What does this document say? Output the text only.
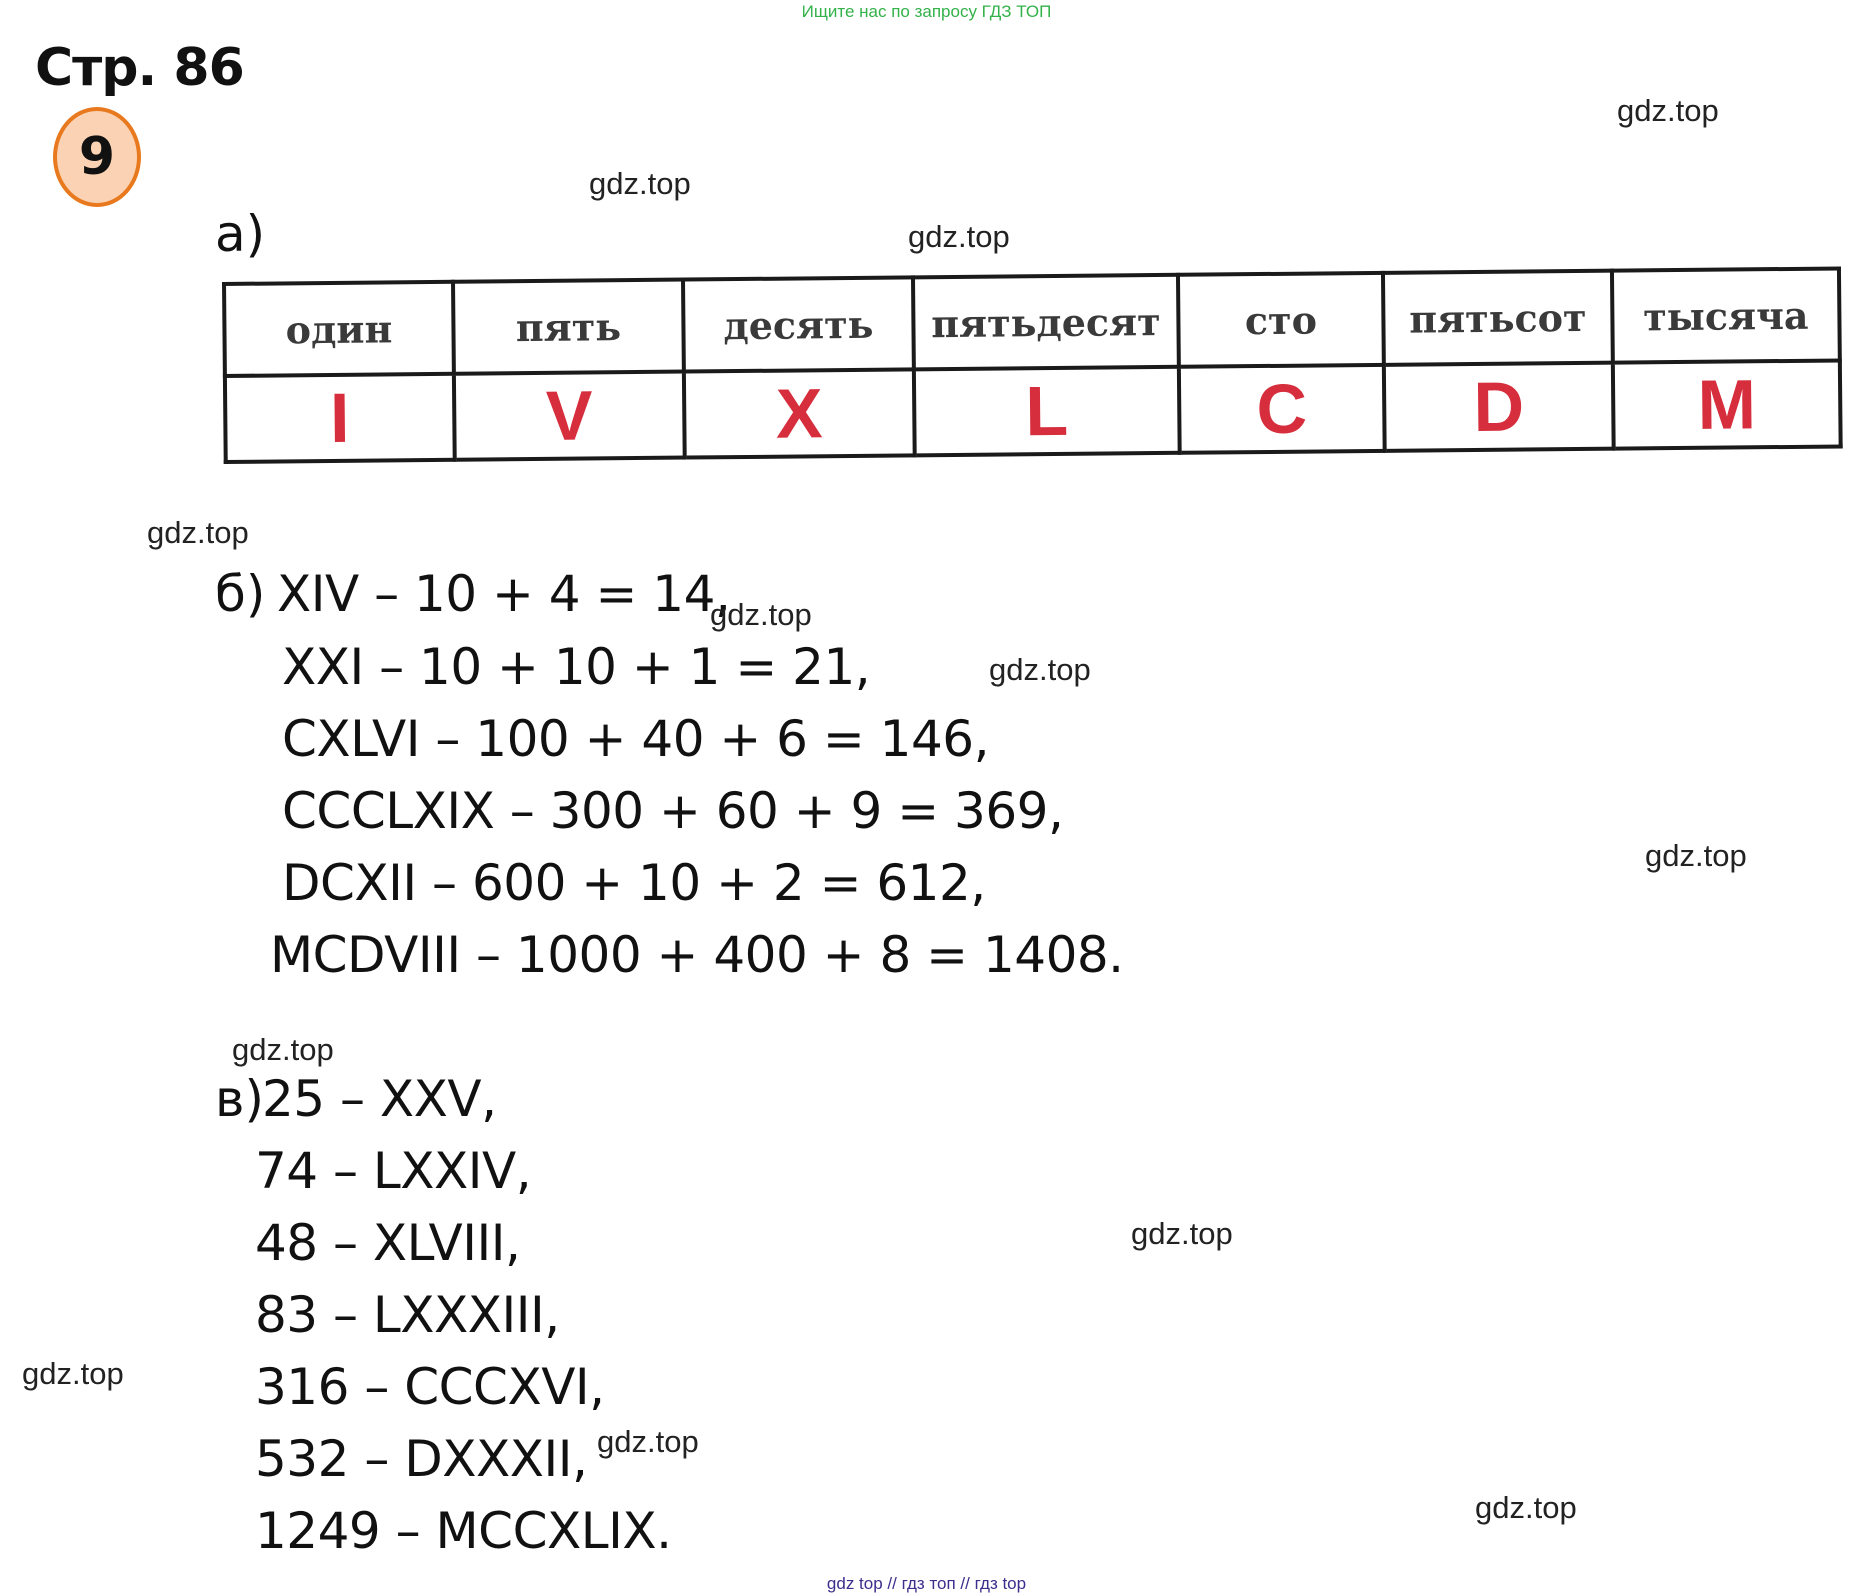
Ищите нас по запросу ГДЗ ТОП
Стр. 86
9
а)
один	пять	десять	пятьдесят	сто	пятьсот	тысяча
I	V	X	L	C	D	M
б) XIV – 10 + 4 = 14,
XXI – 10 + 10 + 1 = 21,
CXLVI – 100 + 40 + 6 = 146,
CCCLXIX – 300 + 60 + 9 = 369,
DCXII – 600 + 10 + 2 = 612,
MCDVIII – 1000 + 400 + 8 = 1408.
в)
25 – XXV,
74 – LXXIV,
48 – XLVIII,
83 – LXXXIII,
316 – CCCXVI,
532 – DXXXII,
1249 – MCCXLIX.
gdz.top
gdz.top
gdz.top
gdz.top
gdz.top
gdz.top
gdz.top
gdz.top
gdz.top
gdz.top
gdz.top
gdz.top
gdz top // гдз топ // гдз top
